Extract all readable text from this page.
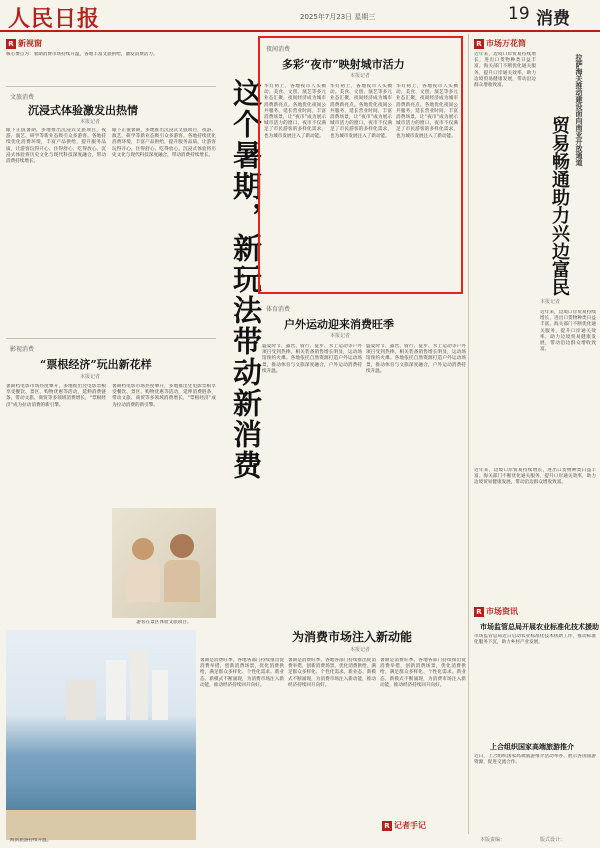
人民日报	2025年7月23日 星期三	19 消费
R 新视窗
核心要点为：暑期消费市场持续升温，各地丰富文旅供给，激发消费活力。
文旅消费
沉浸式体验激发出热情
本报记者
眼下正值暑期，多地推出沉浸式文旅项目，夜游、演艺、研学等新业态吸引众多游客。各地持续优化消费环境，丰富产品供给，提升服务品质，让游客玩得开心、住得舒心、吃得放心。沉浸式体验将历史文化与现代科技深度融合，带动消费持续增长。
眼下正值暑期，多地推出沉浸式文旅项目，夜游、演艺、研学等新业态吸引众多游客。各地持续优化消费环境，丰富产品供给，提升服务品质，让游客玩得开心、住得舒心、吃得放心。沉浸式体验将历史文化与现代科技深度融合，带动消费持续增长。
影视消费
“票根经济”玩出新花样
本报记者
暑期档电影市场热度攀升，多地推出凭电影票根享受餐饮、景区、购物优惠等活动，延伸消费链条，带动文旅、商贸等多领域消费增长，“票根经济”成为拉动消费的新引擎。
暑期档电影市场热度攀升，多地推出凭电影票根享受餐饮、景区、购物优惠等活动，延伸消费链条，带动文旅、商贸等多领域消费增长，“票根经济”成为拉动消费的新引擎。
游客在景区体验文旅项目。
这个暑期，新玩法带动新消费
夜间消费
多彩“夜市”映射城市活力
本报记者
华灯初上，各地夜市人头攒动。美食、文创、演艺等多元业态汇聚，夜间经济成为城市消费新亮点。各地优化夜间公共服务，延长营业时间，丰富消费场景，让“夜市”成为展示城市活力的窗口。夜市不仅满足了市民游客的多样化需求，也为城市发展注入了新动能。
华灯初上，各地夜市人头攒动。美食、文创、演艺等多元业态汇聚，夜间经济成为城市消费新亮点。各地优化夜间公共服务，延长营业时间，丰富消费场景，让“夜市”成为展示城市活力的窗口。夜市不仅满足了市民游客的多样化需求，也为城市发展注入了新动能。
华灯初上，各地夜市人头攒动。美食、文创、演艺等多元业态汇聚，夜间经济成为城市消费新亮点。各地优化夜间公共服务，延长营业时间，丰富消费场景，让“夜市”成为展示城市活力的窗口。夜市不仅满足了市民游客的多样化需求，也为城市发展注入了新动能。
体育消费
户外运动迎来消费旺季
本报记者
盛夏时节，露营、骑行、徒步、水上运动等户外项目受到热捧。相关装备销售增长明显，运动场馆预约火爆。各地依托自然资源打造户外运动场景，推动体育与文旅深度融合，户外运动消费持续升温。
盛夏时节，露营、骑行、徒步、水上运动等户外项目受到热捧。相关装备销售增长明显，运动场馆预约火爆。各地依托自然资源打造户外运动场景，推动体育与文旅深度融合，户外运动消费持续升温。
为消费市场注入新动能
本报记者
暑期是消费旺季。各地各部门持续推出促消费举措，创新消费场景，优化消费供给，满足群众多样化、个性化需求。新业态、新模式不断涌现，为消费市场注入新动能，推动经济持续回升向好。
暑期是消费旺季。各地各部门持续推出促消费举措，创新消费场景，优化消费供给，满足群众多样化、个性化需求。新业态、新模式不断涌现，为消费市场注入新动能，推动经济持续回升向好。
暑期是消费旺季。各地各部门持续推出促消费举措，创新消费场景，优化消费供给，满足群众多样化、个性化需求。新业态、新模式不断涌现，为消费市场注入新动能，推动经济持续回升向好。
R 记者手记
海滨旅游持续升温。
R 市场万花筒
近年来，边境口岸贸易持续增长，进出口货物种类日益丰富。海关部门不断优化通关服务，提升口岸通关效率，助力边境贸易健康发展，带动沿边群众增收致富。	拉萨海关推动建设面向南亚开放通道
贸易畅通助力兴边富民
本报记者
近年来，边境口岸贸易持续增长，进出口货物种类日益丰富。海关部门不断优化通关服务，提升口岸通关效率，助力边境贸易健康发展，带动沿边群众增收致富。
近年来，边境口岸贸易持续增长，进出口货物种类日益丰富。海关部门不断优化通关服务，提升口岸通关效率，助力边境贸易健康发展，带动沿边群众增收致富。
R 市场资讯
市场监管总局开展农业标准化技术援助
市场监管总局近日启动农业标准化技术援助工作，推动标准化服务下沉，助力乡村产业发展。
上合组织国家高端旅游推介
近日，上合组织国家高端旅游推介活动举办，展示各国旅游资源，促进交流合作。
本版责编：	版式设计：
